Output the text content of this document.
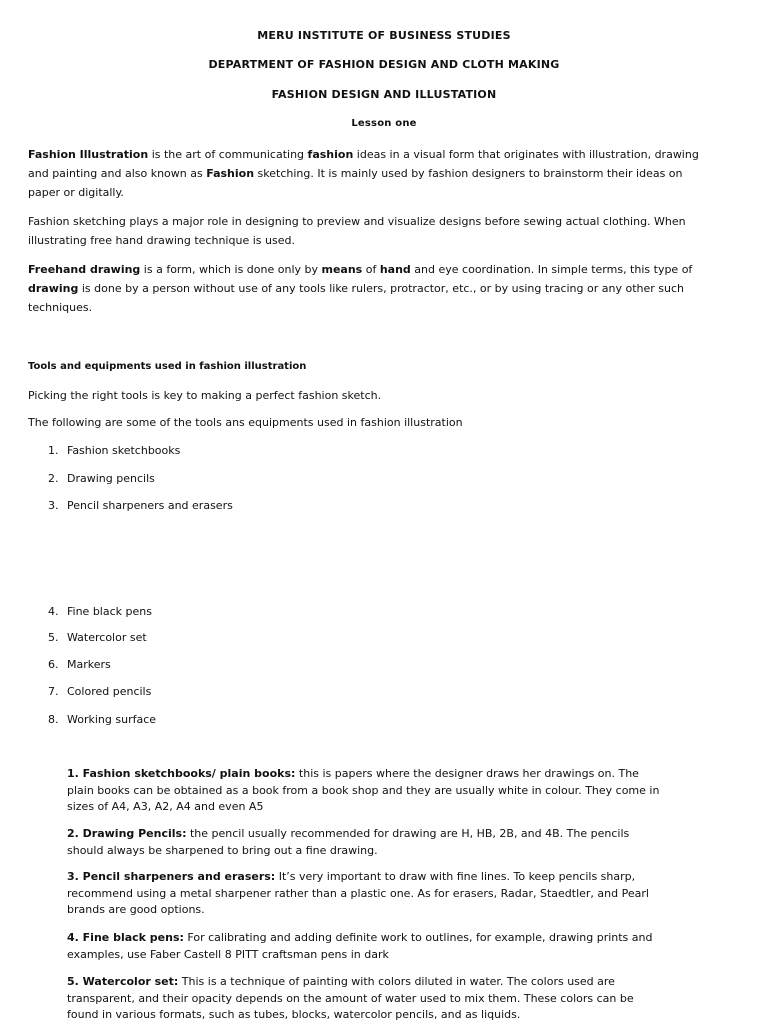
MERU INSTITUTE OF BUSINESS STUDIES
DEPARTMENT OF FASHION DESIGN AND CLOTH MAKING
FASHION DESIGN AND ILLUSTATION
Lesson one
Fashion Illustration is the art of communicating fashion ideas in a visual form that originates with illustration, drawing and painting and also known as Fashion sketching. It is mainly used by fashion designers to brainstorm their ideas on paper or digitally.
Fashion sketching plays a major role in designing to preview and visualize designs before sewing actual clothing. When illustrating free hand drawing technique is used.
Freehand drawing is a form, which is done only by means of hand and eye coordination. In simple terms, this type of drawing is done by a person without use of any tools like rulers, protractor, etc., or by using tracing or any other such techniques.
Tools and equipments used in fashion illustration
Picking the right tools is key to making a perfect fashion sketch.
The following are some of the tools ans equipments used in fashion illustration
1. Fashion sketchbooks
2. Drawing pencils
3. Pencil sharpeners and erasers
4. Fine black pens
5. Watercolor set
6. Markers
7. Colored pencils
8. Working surface
1. Fashion sketchbooks/ plain books: this is papers where the designer draws her drawings on. The plain books can be obtained as a book from a book shop and they are usually white in colour. They come in sizes of A4, A3, A2, A4 and even A5
2. Drawing Pencils: the pencil usually recommended for drawing are H, HB, 2B, and 4B. The pencils should always be sharpened to bring out a fine drawing.
3. Pencil sharpeners and erasers: It’s very important to draw with fine lines. To keep pencils sharp, recommend using a metal sharpener rather than a plastic one. As for erasers, Radar, Staedtler, and Pearl brands are good options.
4. Fine black pens: For calibrating and adding definite work to outlines, for example, drawing prints and examples, use Faber Castell 8 PITT craftsman pens in dark
5. Watercolor set: This is a technique of painting with colors diluted in water. The colors used are transparent, and their opacity depends on the amount of water used to mix them. These colors can be found in various formats, such as tubes, blocks, watercolor pencils, and as liquids.
